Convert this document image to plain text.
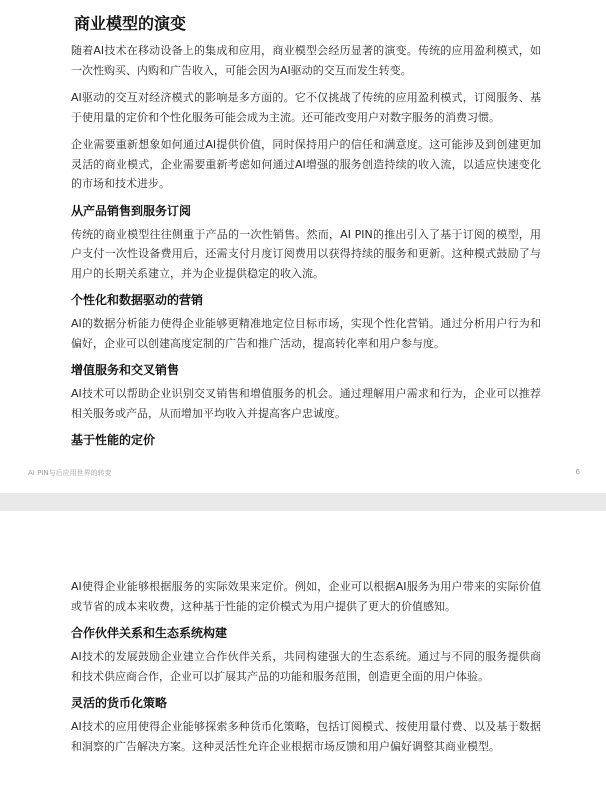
商业模型的演变

随着AI技术在移动设备上的集成和应用，商业模型会经历显著的演变。传统的应用盈利模式，如一次性购买、内购和广告收入，可能会因为AI驱动的交互而发生转变。

AI驱动的交互对经济模式的影响是多方面的。它不仅挑战了传统的应用盈利模式，订阅服务、基于使用量的定价和个性化服务可能会成为主流。还可能改变用户对数字服务的消费习惯。

企业需要重新想象如何通过AI提供价值，同时保持用户的信任和满意度。这可能涉及到创建更加灵活的商业模式，企业需要重新考虑如何通过AI增强的服务创造持续的收入流，以适应快速变化的市场和技术进步。

从产品销售到服务订阅

传统的商业模型往往侧重于产品的一次性销售。然而，AI PIN的推出引入了基于订阅的模型，用户支付一次性设备费用后，还需支付月度订阅费用以获得持续的服务和更新。这种模式鼓励了与用户的长期关系建立，并为企业提供稳定的收入流。

个性化和数据驱动的营销

AI的数据分析能力使得企业能够更精准地定位目标市场，实现个性化营销。通过分析用户行为和偏好，企业可以创建高度定制的广告和推广活动，提高转化率和用户参与度。

增值服务和交叉销售

AI技术可以帮助企业识别交叉销售和增值服务的机会。通过理解用户需求和行为，企业可以推荐相关服务或产品，从而增加平均收入并提高客户忠诚度。

基于性能的定价
AI PIN与后应用世界的转变	6

AI使得企业能够根据服务的实际效果来定价。例如，企业可以根据AI服务为用户带来的实际价值或节省的成本来收费，这种基于性能的定价模式为用户提供了更大的价值感知。

合作伙伴关系和生态系统构建

AI技术的发展鼓励企业建立合作伙伴关系，共同构建强大的生态系统。通过与不同的服务提供商和技术供应商合作，企业可以扩展其产品的功能和服务范围，创造更全面的用户体验。

灵活的货币化策略

AI技术的应用使得企业能够探索多种货币化策略，包括订阅模式、按使用量付费、以及基于数据和洞察的广告解决方案。这种灵活性允许企业根据市场反馈和用户偏好调整其商业模型。
